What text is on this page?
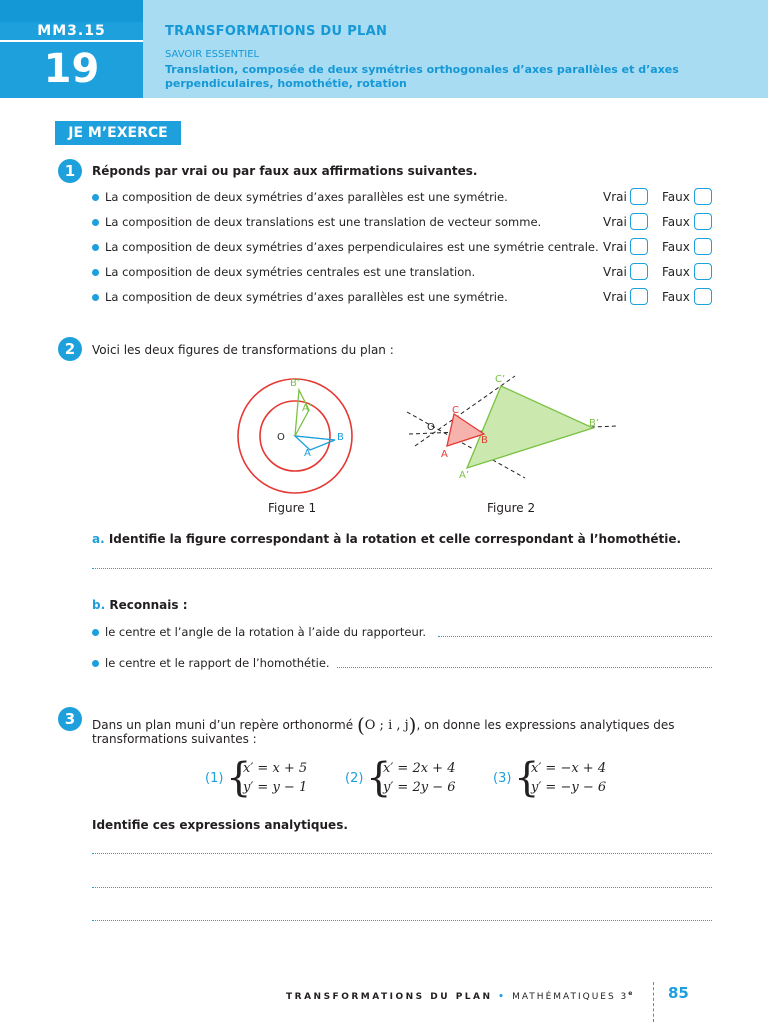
MM3.15
19
TRANSFORMATIONS DU PLAN
SAVOIR ESSENTIEL
Translation, composée de deux symétries orthogonales d’axes parallèles et d’axes perpendiculaires, homothétie, rotation
JE M’EXERCE
1	Réponds par vrai ou par faux aux affirmations suivantes.
La composition de deux symétries d’axes parallèles est une symétrie.	Vrai	Faux
La composition de deux translations est une translation de vecteur somme.	Vrai	Faux
La composition de deux symétries d’axes perpendiculaires est une symétrie centrale. Vrai	Faux
La composition de deux symétries centrales est une translation.	Vrai	Faux
La composition de deux symétries d’axes parallèles est une symétrie.	Vrai	Faux
2	Voici les deux figures de transformations du plan :
O
A
B
A’
B’
Figure 1
O
C
B
A
C’
B’
A’
Figure 2
a. Identifie la figure correspondant à la rotation et celle correspondant à l’homothétie.
b. Reconnais :
le centre et l’angle de la rotation à l’aide du rapporteur.
le centre et le rapport de l’homothétie.
3	Dans un plan muni d’un repère orthonormé (O ; i , j), on donne les expressions analytiques des
transformations suivantes :
(1) {
x′ = x + 5
y′ = y − 1
(2) {
x′ = 2x + 4
y′ = 2y − 6
(3) {
x′ = −x + 4
y′ = −y − 6
Identifie ces expressions analytiques.
TRANSFORMATIONS DU PLAN • MATHÉMATIQUES 3e 85
